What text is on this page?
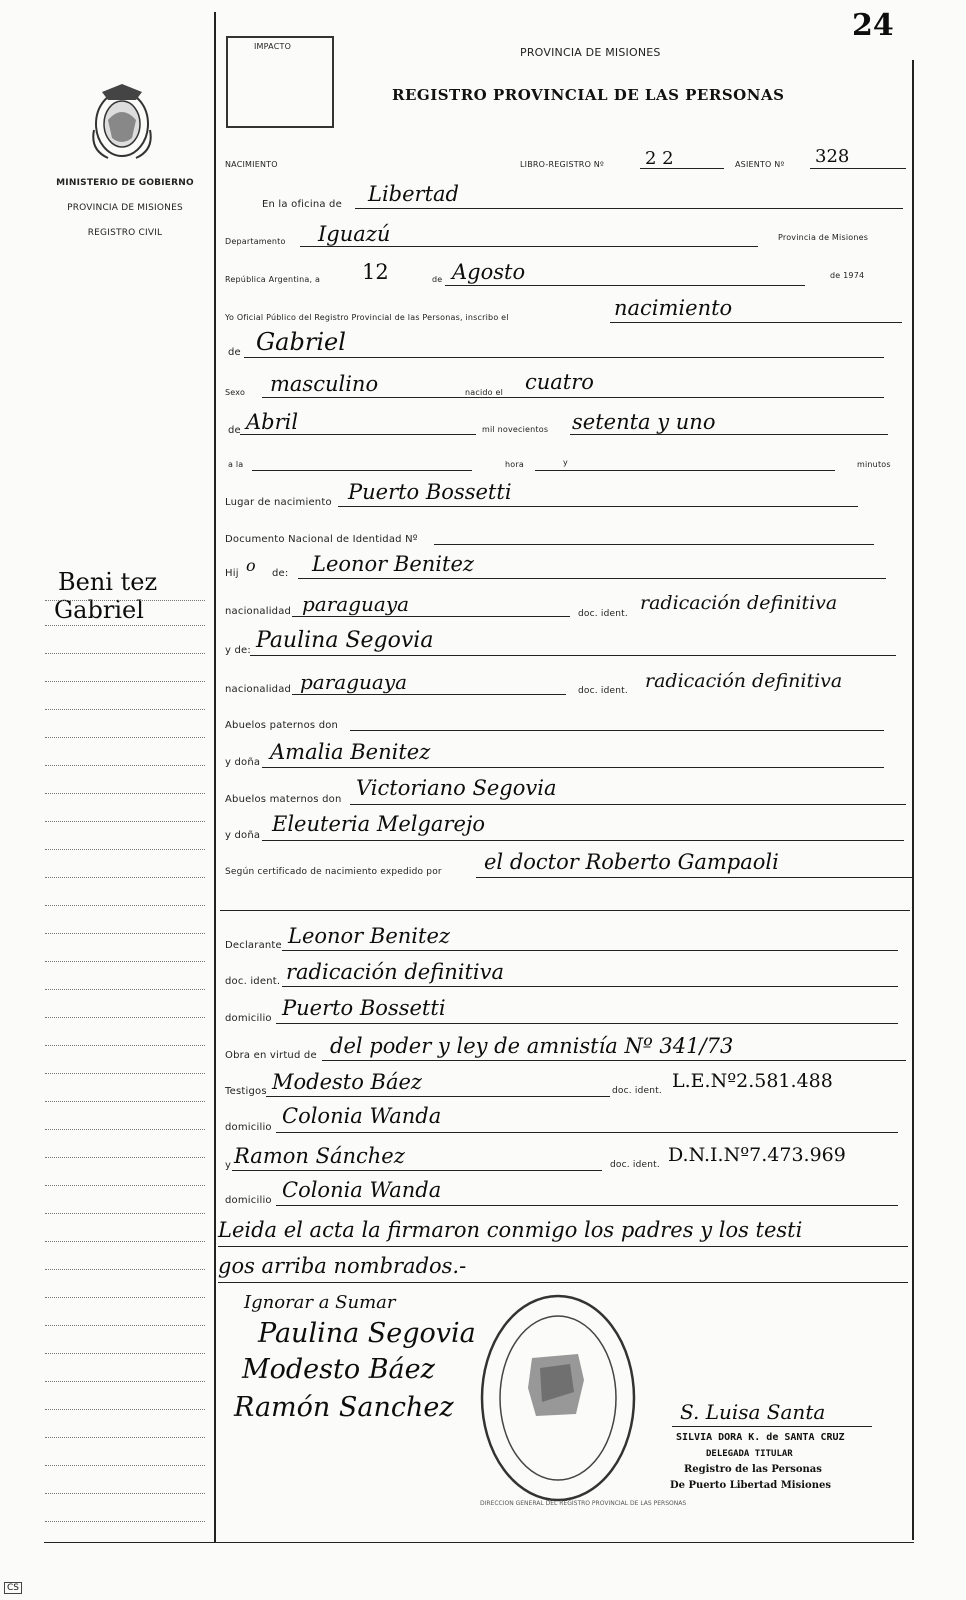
24
MINISTERIO DE GOBIERNO
PROVINCIA DE MISIONES
REGISTRO CIVIL
Beni tez
Gabriel
IMPACTO	PROVINCIA DE MISIONES
REGISTRO PROVINCIAL DE LAS PERSONAS
NACIMIENTO	LIBRO-REGISTRO Nº 2 2	ASIENTO Nº 328
En la oficina de Libertad
Departamento Iguazú	Provincia de Misiones
República Argentina, a 12	de Agosto	de 1974
Yo Oficial Público del Registro Provincial de las Personas, inscribo el	nacimiento
de Gabriel
Sexo masculino	nacido el cuatro
de Abril	mil novecientos setenta y uno
a la	hora	y	minutos
Lugar de nacimiento Puerto Bossetti
Documento Nacional de Identidad Nº
Hij o de: Leonor Benitez
nacionalidad paraguaya	doc. ident. radicación definitiva
y de: Paulina Segovia
nacionalidad paraguaya	doc. ident. radicación definitiva
Abuelos paternos don
y doña Amalia Benitez
Abuelos maternos don Victoriano Segovia
y doña Eleuteria Melgarejo
Según certificado de nacimiento expedido por el doctor Roberto Gampaoli
Declarante Leonor Benitez
doc. ident. radicación definitiva
domicilio Puerto Bossetti
Obra en virtud de del poder y ley de amnistía Nº 341/73
Testigos Modesto Báez	doc. ident. L.E.Nº2.581.488
domicilio Colonia Wanda
y Ramon Sánchez	doc. ident. D.N.I.Nº7.473.969
domicilio Colonia Wanda
Leida el acta la firmaron conmigo los padres y los testi
gos arriba nombrados.-
Ignorar a Sumar
Paulina Segovia
Modesto Báez
Ramón Sanchez
DIRECCION GENERAL DEL REGISTRO PROVINCIAL DE LAS PERSONAS
S. Luisa Santa
SILVIA DORA K. de SANTA CRUZ
DELEGADA TITULAR
Registro de las Personas
De Puerto Libertad Misiones
CS
